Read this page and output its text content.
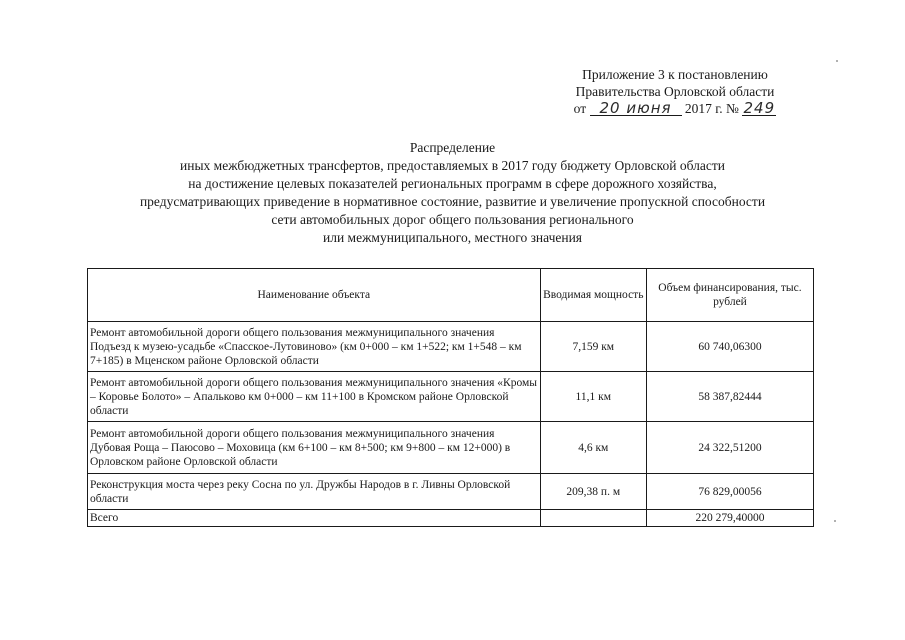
Приложение 3 к постановлению
Правительства Орловской области
от 20 июня 2017 г. № 249
Распределение
иных межбюджетных трансфертов, предоставляемых в 2017 году бюджету Орловской области
на достижение целевых показателей региональных программ в сфере дорожного хозяйства,
предусматривающих приведение в нормативное состояние, развитие и увеличение пропускной способности
сети автомобильных дорог общего пользования регионального
или межмуниципального, местного значения
Наименование объекта	Вводимая мощность	Объем финансирования, тыс. рублей
Ремонт автомобильной дороги общего пользования межмуниципального значения Подъезд к музею-усадьбе «Спасское-Лутовиново» (км 0+000 – км 1+522; км 1+548 – км 7+185) в Мценском районе Орловской области	7,159 км	60 740,06300
Ремонт автомобильной дороги общего пользования межмуниципального значения «Кромы – Коровье Болото» – Апальково км 0+000 – км 11+100 в Кромском районе Орловской области	11,1 км	58 387,82444
Ремонт автомобильной дороги общего пользования межмуниципального значения Дубовая Роща – Паюсово – Моховица (км 6+100 – км 8+500; км 9+800 – км 12+000) в Орловском районе Орловской области	4,6 км	24 322,51200
Реконструкция моста через реку Сосна по ул. Дружбы Народов в г. Ливны Орловской области	209,38 п. м	76 829,00056
Всего		220 279,40000
